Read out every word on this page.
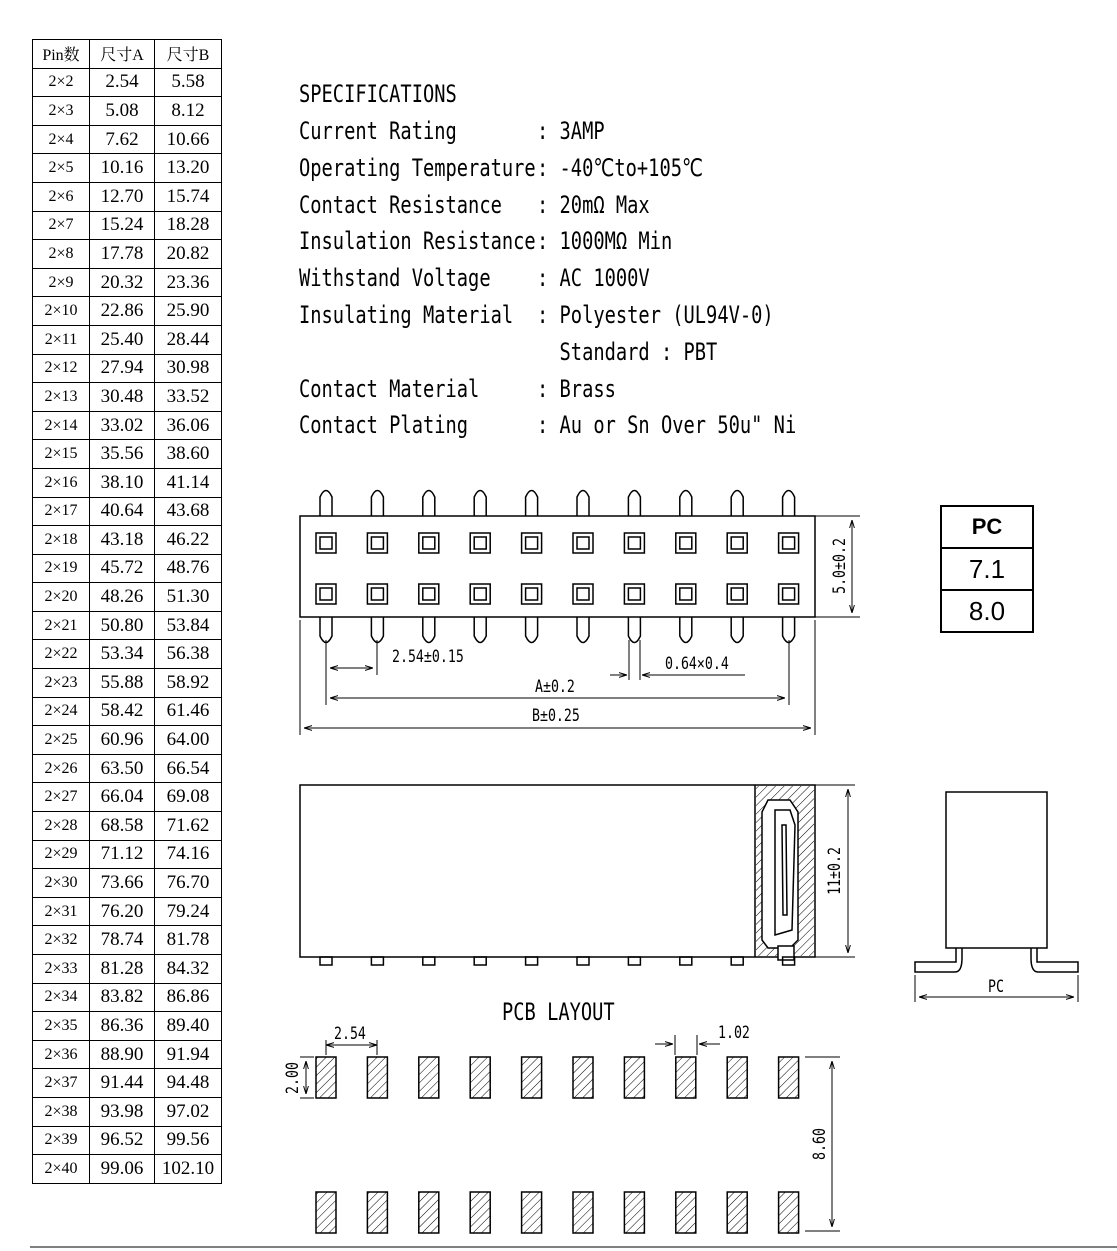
Pin数	尺寸A	尺寸B
2×2	2.54	5.58
2×3	5.08	8.12
2×4	7.62	10.66
2×5	10.16	13.20
2×6	12.70	15.74
2×7	15.24	18.28
2×8	17.78	20.82
2×9	20.32	23.36
2×10	22.86	25.90
2×11	25.40	28.44
2×12	27.94	30.98
2×13	30.48	33.52
2×14	33.02	36.06
2×15	35.56	38.60
2×16	38.10	41.14
2×17	40.64	43.68
2×18	43.18	46.22
2×19	45.72	48.76
2×20	48.26	51.30
2×21	50.80	53.84
2×22	53.34	56.38
2×23	55.88	58.92
2×24	58.42	61.46
2×25	60.96	64.00
2×26	63.50	66.54
2×27	66.04	69.08
2×28	68.58	71.62
2×29	71.12	74.16
2×30	73.66	76.70
2×31	76.20	79.24
2×32	78.74	81.78
2×33	81.28	84.32
2×34	83.82	86.86
2×35	86.36	89.40
2×36	88.90	91.94
2×37	91.44	94.48
2×38	93.98	97.02
2×39	96.52	99.56
2×40	99.06	102.10
SPECIFICATIONS
Current Rating	: 3AMP
Operating Temperature : -40℃to+105℃
Contact Resistance : 20mΩ Max
Insulation Resistance : 1000MΩ Min
Withstand Voltage : AC 1000V
Insulating Material : Polyester (UL94V-0)
Standard : PBT
Contact Material : Brass
Contact Plating	: Au or Sn Over 50u" Ni
PC
7.1
8.0
5.0±0.2
2.54±0.15	0.64×0.4
A±0.2
B±0.25
11±0.2
PC
PCB LAYOUT
2.54	1.02
2.00
8.60
